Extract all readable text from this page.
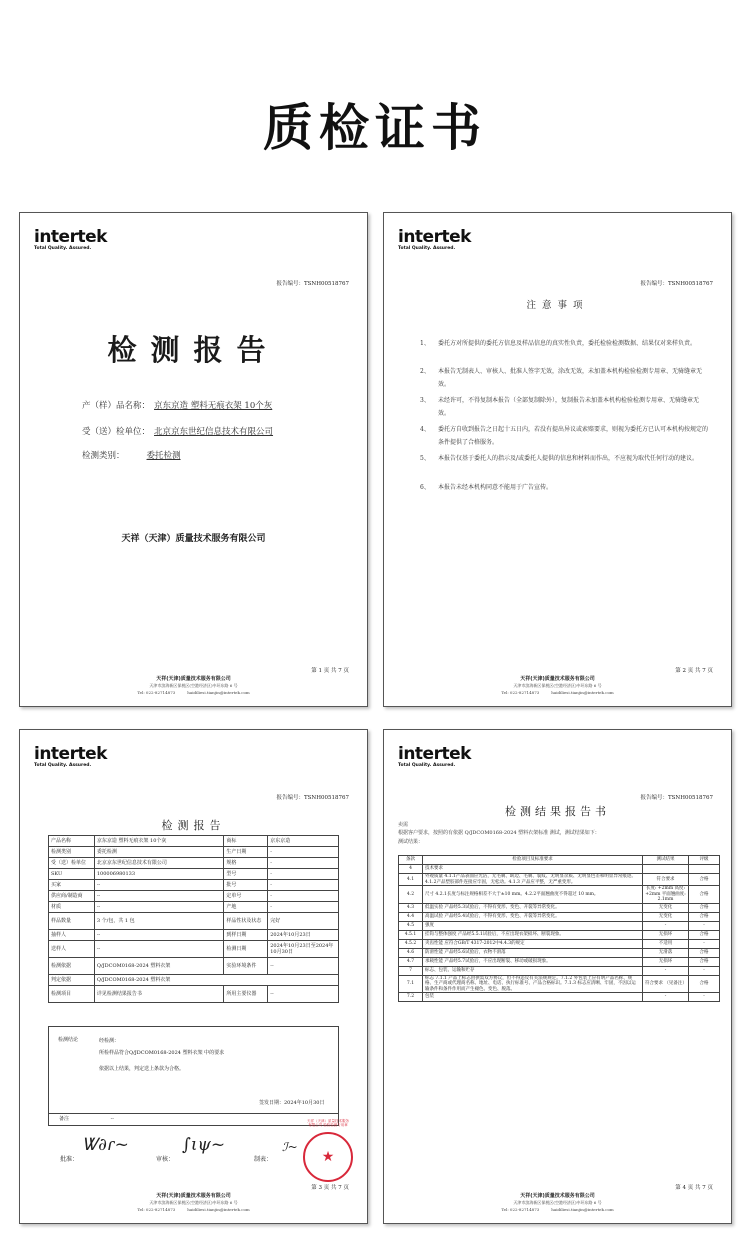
质检证书
intertek
Total Quality. Assured.
报告编号：TSNH00518767
检测报告
产（样）品名称： 京东京造 塑料无痕衣架 10个灰
受（送）检单位： 北京京东世纪信息技术有限公司
检测类别：	委托检测
天祥（天津）质量技术服务有限公司
第 1 页 共 7 页
天祥(天津)质量技术服务有限公司
天津市滨海新区保税区(空港经济区)中环东路 6 号
Tel: 022-82714873	haidiliesi.tianjin@intertek.com
intertek
Total Quality. Assured.
报告编号：TSNH00518767
注意事项
1、 委托方对所提供的委托方信息及样品信息的真实性负责，委托检验检测数据、结果仅对来样负责。
2、 本报告无制表人、审核人、批准人签字无效，涂改无效，未加盖本机构检验检测专用章、无骑缝章无效。
3、 未经许可，不得复制本报告（全部复制除外），复制报告未加盖本机构检验检测专用章、无骑缝章无效。
4、 委托方自收到报告之日起十五日内，若没有提出异议或索赔要求，则视为委托方已认可本机构按规定的条件提供了合格服务。
5、 本报告仅基于委托人的指示及/或委托人提供的信息和材料而作出，不应视为取代任何行动的建议。
6、 本报告未经本机构同意不能用于广告宣传。
第 2 页 共 7 页
天祥(天津)质量技术服务有限公司
天津市滨海新区保税区(空港经济区)中环东路 6 号
Tel: 022-82714873	haidiliesi.tianjin@intertek.com
intertek
Total Quality. Assured.
报告编号：TSNH00518767
检测报告
产品名称	京东京造 塑料无痕衣架 10个灰	商标	京东京造
检测类别	委托检测	生产日期	-
受（送）检单位	北京京东世纪信息技术有限公司	规格	-
SKU	100006980133	型号	-
买家	--	批号	-
供应商/制造商	--	定单号	-
材质	--	产地	-
样品数量	3 个/包，共 1 包	样品性状及状态	完好
抽样人	--	到样日期	2024年10月23日
送样人	--	检测日期	2024年10月23日至2024年10月30日
检测依据	Q/JDCOM0168-2024 塑料衣架	实验环境条件	--
判定依据	Q/JDCOM0168-2024 塑料衣架		
检测项目	详见检测结果报告书	所用主要仪器	--
检测结论	经检测：
所检样品符合Q/JDCOM0168-2024 塑料衣架 中的要求
依据以上结果，判定送上条款为合格。
签发日期：2024年10月30日
备注	--
批准：
Ꮤ∂ɾ~
审核：
∫ιψ~
制表：
ℐ~
★
天祥（天津）质量技术服务有限公司 检验检测专用章
第 3 页 共 7 页
天祥(天津)质量技术服务有限公司
天津市滨海新区保税区(空港经济区)中环东路 6 号
Tel: 022-82714873	haidiliesi.tianjin@intertek.com
intertek
Total Quality. Assured.
报告编号：TSNH00518767
检测结果报告书
卖需
根据客户要求，按照的有依据 Q/JDCOM0168-2024 塑料衣架标准 测试，测试结果如下：
测试结果：
条款	检验项目及标准要求	测试结果	评级
4	技术要求		
4.1	外观质量 4.1.1产品表面应光洁，无毛刺、缺边、毛刺、裂纹、无明显杂质、无明显色差和明显异常痕迹。4.1.2产品塑胶部件连接应牢固，无松动。4.1.3 产品应平整，无严重变形。	符合要求	合格
4.2	尺寸 4.2.1长度与标注规格相差不大于±10 mm。4.2.2平面翘曲度不得超过 10 mm。	长度: +2mm 高度: +2mm 平面翘曲度: 2.1mm	合格
4.3	低温实验 产品经5.3试验后，不得有变形、变色、开裂等异常变化。	无变化	合格
4.4	高温试验 产品经5.4试验后，不得有变形、变色、开裂等异常变化。	无变化	合格
4.5	强度	-	-
4.5.1	挂钩与整体强度 产品经5.5.1试验后，不应出现衣架损坏、断裂现象。	无损坏	合格
4.5.2	夹齿性能 应符合GB/T 4317-2012中4.4.3的规定	不适用	-
4.6	防滑性能 产品经5.6试验后，衣物不滑落	无滑落	合格
4.7	承载性能 产品经5.7试验后，不应出现断裂、移动或破损现象。	无损坏	合格
7	标志、包装、运输和贮存	-	-
7.1	标志 7.1.1 产品上标志由供需双方协议，但不得违反有关法规规定。7.1.2 外包装上应有明产品名称、规格、生产商或代理商名称、地址、电话、执行标准号、产品合格标识。7.1.3 标志应清晰、牢固，不因以运输条件和条件作用而产生褪色、变色、脱落。	符合要求 （见备注）	合格
7.2	包装	-	-
第 4 页 共 7 页
天祥(天津)质量技术服务有限公司
天津市滨海新区保税区(空港经济区)中环东路 6 号
Tel: 022-82714873	haidiliesi.tianjin@intertek.com
